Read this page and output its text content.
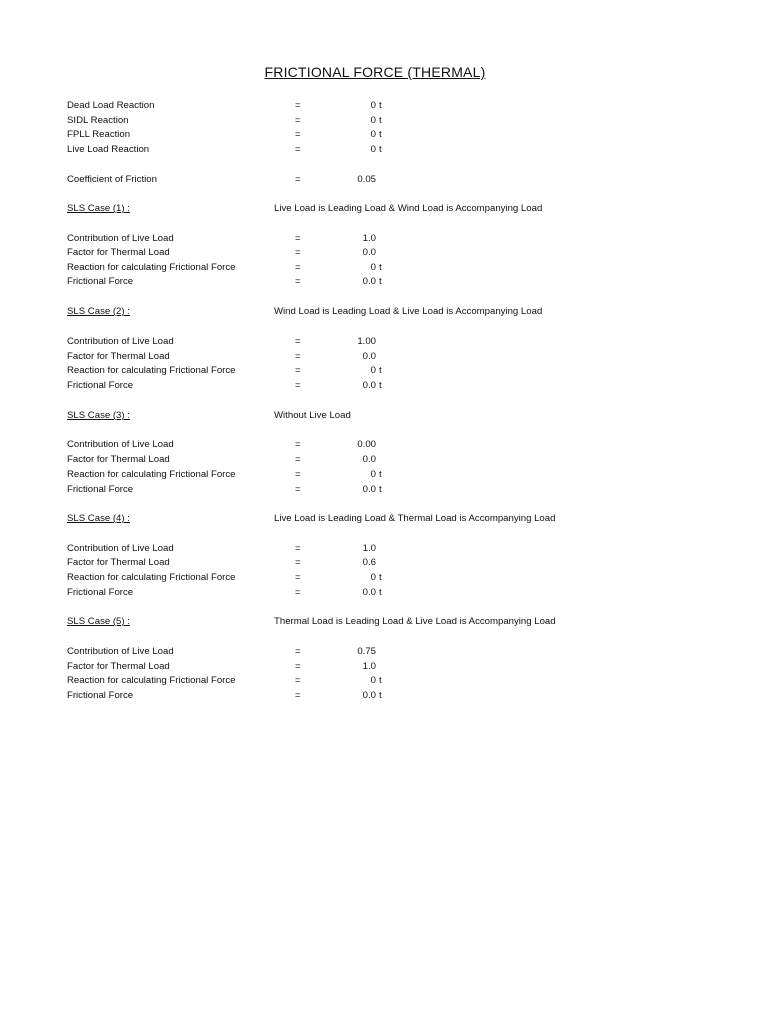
FRICTIONAL FORCE (THERMAL)
Dead Load Reaction	=	0 t
SIDL Reaction	=	0 t
FPLL Reaction	=	0 t
Live Load Reaction	=	0 t
Coefficient of Friction	=	0.05
SLS Case (1) :	Live Load is Leading Load & Wind Load is Accompanying Load
Contribution of Live Load	=	1.0
Factor for Thermal Load	=	0.0
Reaction for calculating Frictional Force	=	0 t
Frictional Force	=	0.0 t
SLS Case (2) :	Wind Load is Leading Load & Live Load is Accompanying Load
Contribution of Live Load	=	1.00
Factor for Thermal Load	=	0.0
Reaction for calculating Frictional Force	=	0 t
Frictional Force	=	0.0 t
SLS Case (3) :	Without Live Load
Contribution of Live Load	=	0.00
Factor for Thermal Load	=	0.0
Reaction for calculating Frictional Force	=	0 t
Frictional Force	=	0.0 t
SLS Case (4) :	Live Load is Leading Load & Thermal Load is Accompanying Load
Contribution of Live Load	=	1.0
Factor for Thermal Load	=	0.6
Reaction for calculating Frictional Force	=	0 t
Frictional Force	=	0.0 t
SLS Case (5) :	Thermal Load is Leading Load & Live Load is Accompanying Load
Contribution of Live Load	=	0.75
Factor for Thermal Load	=	1.0
Reaction for calculating Frictional Force	=	0 t
Frictional Force	=	0.0 t
